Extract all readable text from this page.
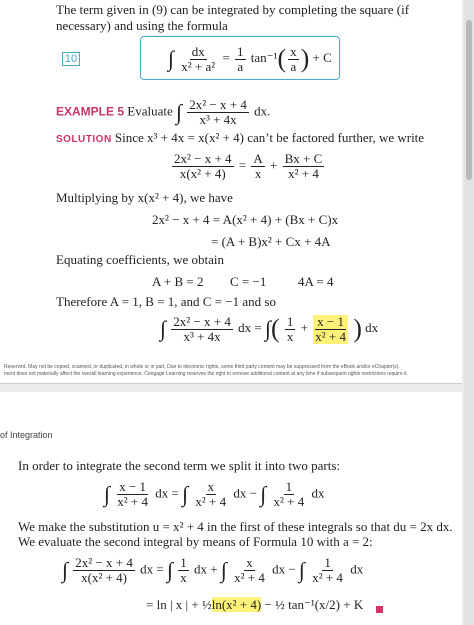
The term given in (9) can be integrated by completing the square (if necessary) and using the formula
10	∫ $\frac{dx}{\text{x² + a²}} = \frac{1}{a} \tan^{-1}( \frac{x}{a}$ ) + C
EXAMPLE 5 Evaluate ∫ $\frac{\text{2x² − x + 4}}{\text{x³ + 4x}}$ dx.
SOLUTION Since x³ + 4x = x(x² + 4) can’t be factored further, we write
$\frac{\text{2x² − x + 4}}{\text{x(x² + 4)}} = \frac{A}{x} + \frac{Bx + C}{\text{x² + 4}}$
Multiplying by x(x² + 4), we have
2x² − x + 4 = A(x² + 4) + (Bx + C)x
= (A + B)x² + Cx + 4A
Equating coefficients, we obtain
A + B = 2 C = −1 4A = 4
Therefore A = 1, B = 1, and C = −1 and so
∫ $\frac{\text{2x² − x + 4}}{\text{x³ + 4x}}$ dx = ∫( $\frac{1}{x} + \frac{x - 1}{\text{x² + 4}}$ ) dx
Reserved. May not be copied, scanned, or duplicated, in whole or in part. Due to electronic rights, some third party content may be suppressed from the eBook and/or eChapter(s).
ment does not materially affect the overall learning experience. Cengage Learning reserves the right to remove additional content at any time if subsequent rights restrictions require it.
of Integration
In order to integrate the second term we split it into two parts:
∫ $\frac{x - 1}{\text{x² + 4}}$ dx = ∫ $\frac{x}{\text{x² + 4}}$ dx − ∫ $\frac{1}{\text{x² + 4}}$ dx
We make the substitution u = x² + 4 in the first of these integrals so that du = 2x dx.
We evaluate the second integral by means of Formula 10 with a = 2:
∫ $\frac{\text{2x² − x + 4}}{\text{x(x² + 4)}}$ dx = ∫ $\frac{1}{x}$ dx + ∫ $\frac{x}{\text{x² + 4}}$ dx − ∫ $\frac{1}{\text{x² + 4}}$ dx
= ln | x | + ½ln(x² + 4) − ½ tan⁻¹(x/2) + K
